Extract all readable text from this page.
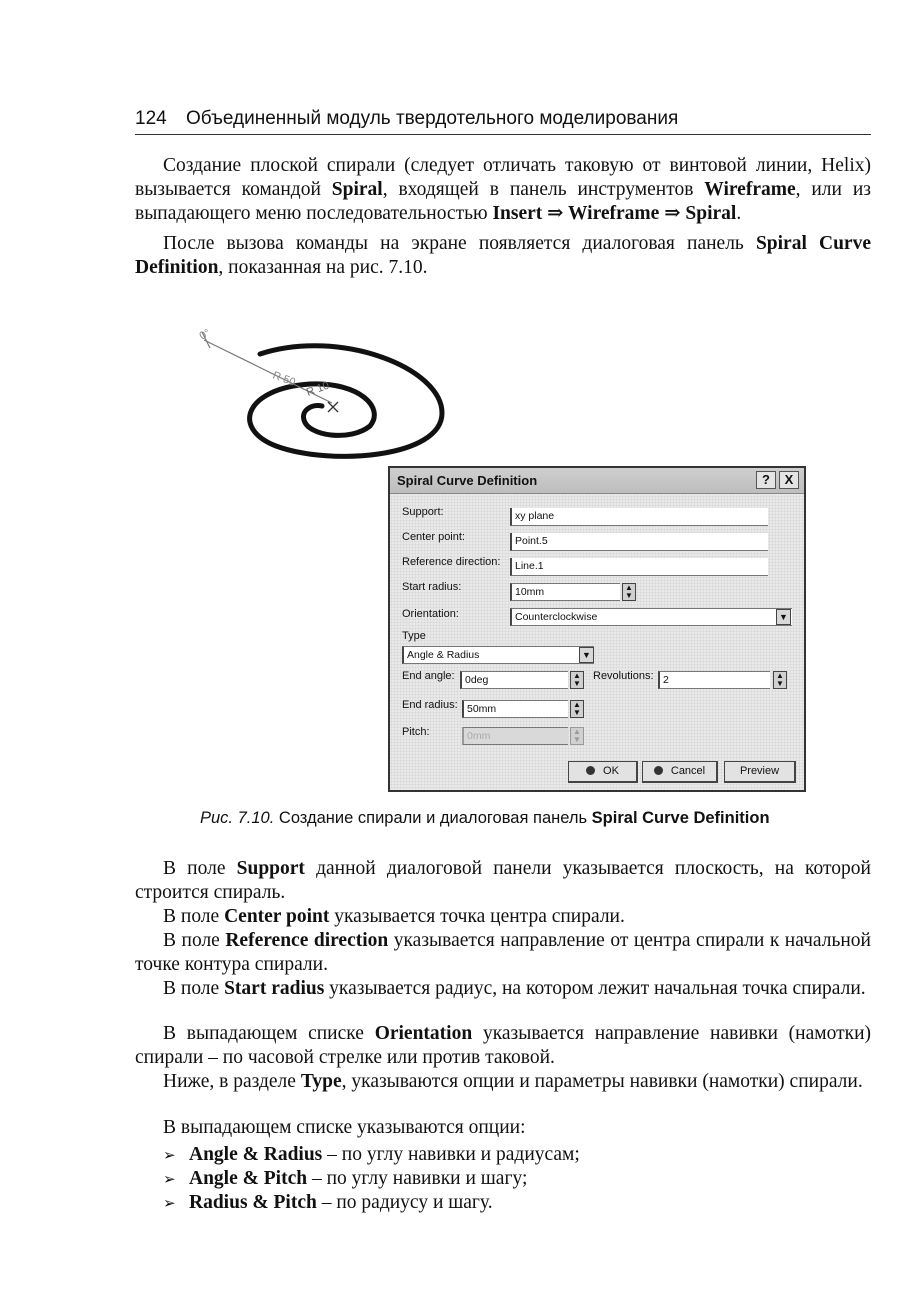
124 Объединенный модуль твердотельного моделирования

Создание плоской спирали (следует отличать таковую от винтовой линии, Helix) вызывается командой Spiral, входящей в панель инструментов Wireframe, или из выпадающего меню последовательностью Insert ⇒ Wireframe ⇒ Spiral.

После вызова команды на экране появляется диалоговая панель Spiral Curve Definition, показанная на рис. 7.10.

0°
R 50
R 10
Spiral Curve Definition	?	X
Support:	xy plane
Center point:	Point.5
Reference direction:	Line.1
Start radius:	10mm	▲
▼
Orientation:	Counterclockwise	▼
Type
Angle & Radius	▼
End angle: 0deg	▲
▼
Revolutions: 2	▲
▼
End radius: 50mm	▲
▼
Pitch:	0mm	▲
▼
OK	Cancel	Preview
Рис. 7.10. Создание спирали и диалоговая панель Spiral Curve Definition

В поле Support данной диалоговой панели указывается плоскость, на которой строится спираль.

В поле Center point указывается точка центра спирали.

В поле Reference direction указывается направление от центра спирали к начальной точке контура спирали.

В поле Start radius указывается радиус, на котором лежит начальная точка спирали.

В выпадающем списке Orientation указывается направление навивки (намотки) спирали – по часовой стрелке или против таковой.

Ниже, в разделе Type, указываются опции и параметры навивки (намотки) спирали.

В выпадающем списке указываются опции:

➢ Angle & Radius – по углу навивки и радиусам;
➢ Angle & Pitch – по углу навивки и шагу;
➢ Radius & Pitch – по радиусу и шагу.
